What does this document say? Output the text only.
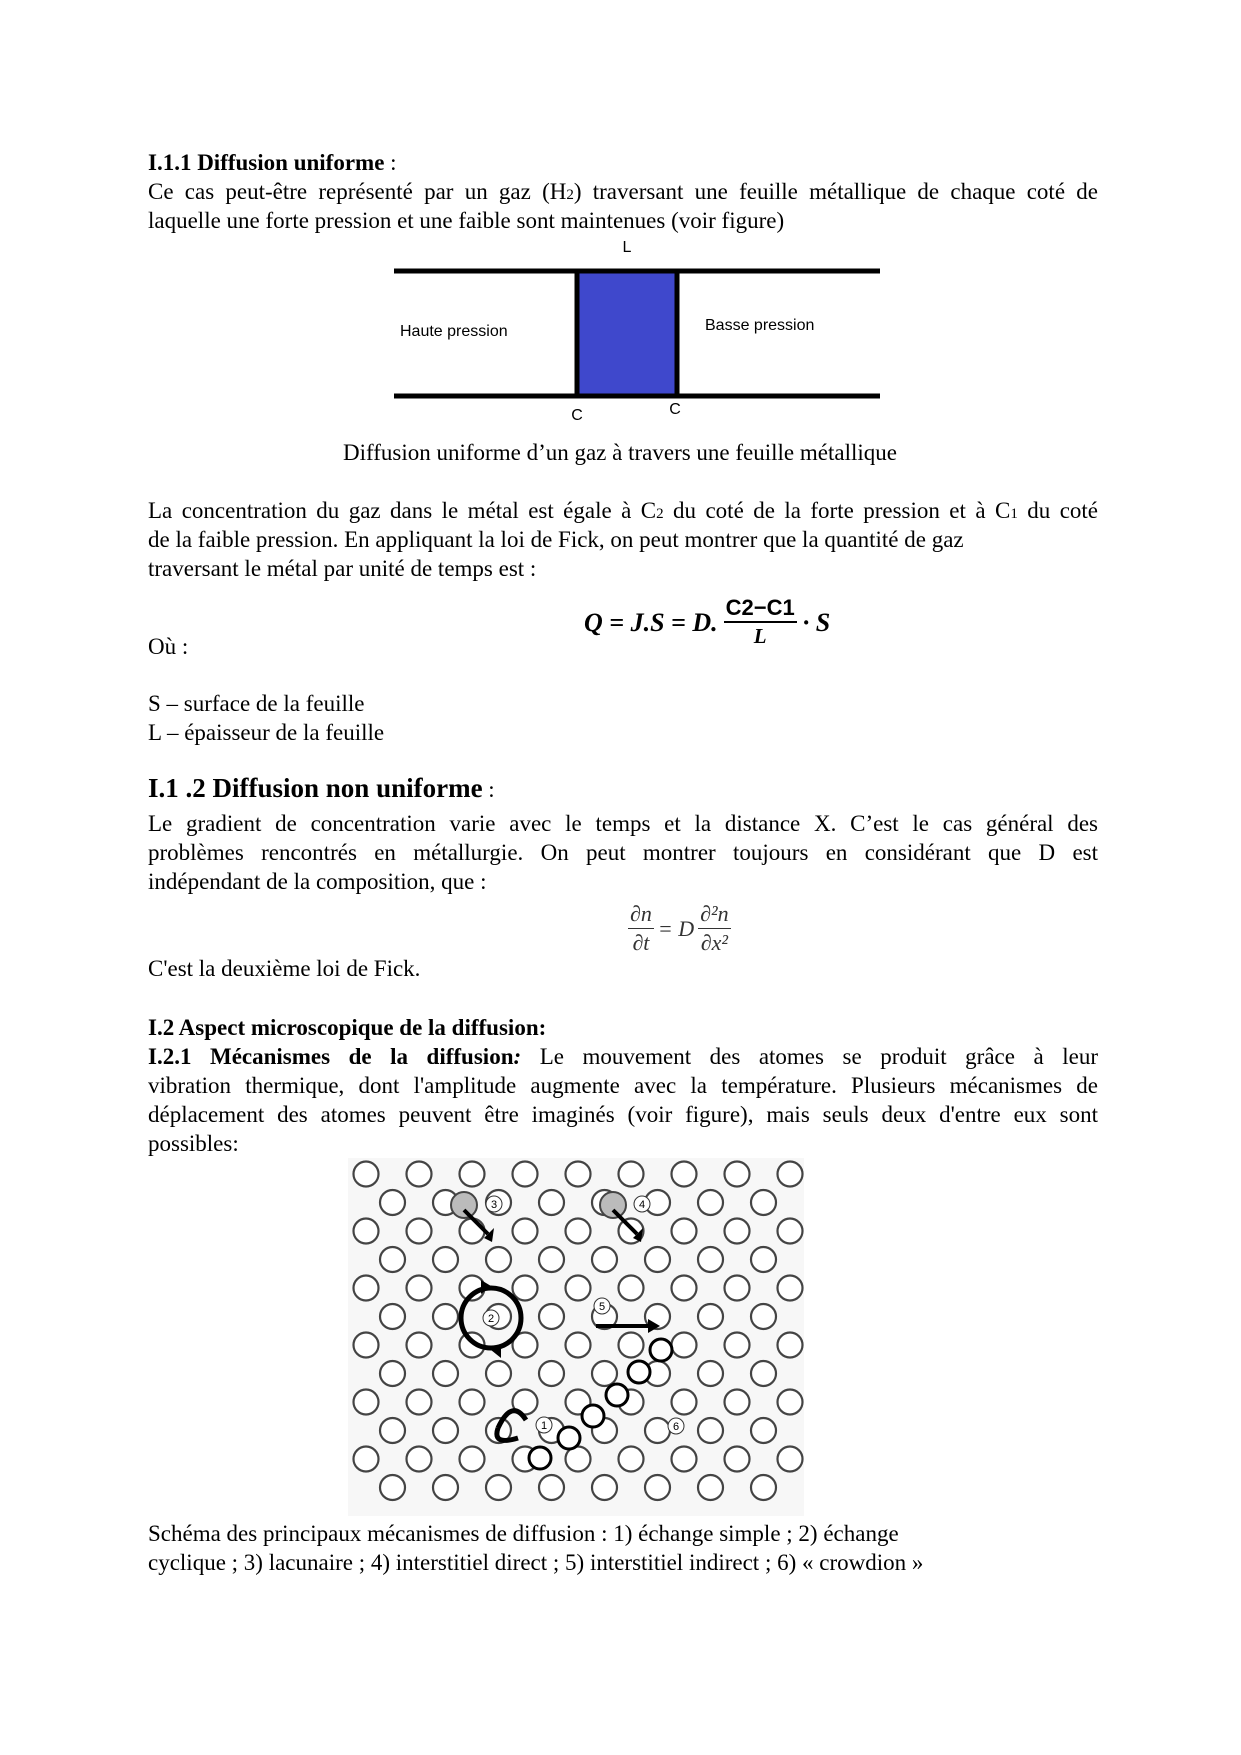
I.1.1 Diffusion uniforme :
Ce cas peut-être représenté par un gaz (H2) traversant une feuille métallique de chaque coté de
laquelle une forte pression et une faible sont maintenues (voir figure)
L
Haute pression	Basse pression
C	C
Diffusion uniforme d’un gaz à travers une feuille métallique
La concentration du gaz dans le métal est égale à C2 du coté de la forte pression et à C1 du coté
de la faible pression. En appliquant la loi de Fick, on peut montrer que la quantité de gaz
traversant le métal par unité de temps est :
Q = J.S = D. $\frac{C2-C1}{L} \cdot S$
Où :
S – surface de la feuille
L – épaisseur de la feuille
I.1 .2 Diffusion non uniforme :
Le gradient de concentration varie avec le temps et la distance X. C’est le cas général des
problèmes rencontrés en métallurgie. On peut montrer toujours en considérant que D est
indépendant de la composition, que :
$\frac{\partial n}{\partial t} = D \frac{\text{∂²n}}{\text{∂x²}}$
C'est la deuxième loi de Fick.
I.2 Aspect microscopique de la diffusion:
I.2.1 Mécanismes de la diffusion: Le mouvement des atomes se produit grâce à leur
vibration thermique, dont l'amplitude augmente avec la température. Plusieurs mécanismes de
déplacement des atomes peuvent être imaginés (voir figure), mais seuls deux d'entre eux sont
possibles:
3	4
2
5
1	6
Schéma des principaux mécanismes de diffusion : 1) échange simple ; 2) échange
cyclique ; 3) lacunaire ; 4) interstitiel direct ; 5) interstitiel indirect ; 6) « crowdion »
